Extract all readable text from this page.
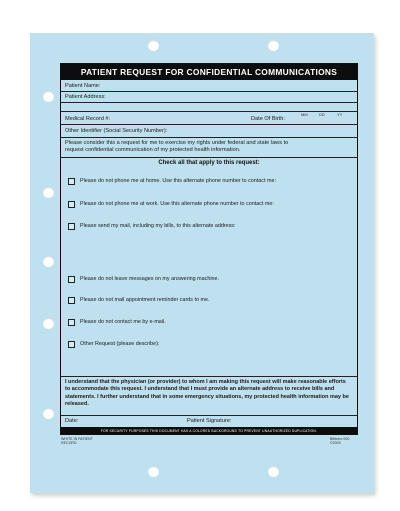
PATIENT REQUEST FOR CONFIDENTIAL COMMUNICATIONS
Patient Name:
Patient Address:
MM	DD	YY
Medical Record #:	Date Of Birth:
Other Identifier (Social Security Number):
Please consider this a request for me to exercise my rights under federal and state laws to request confidential communication of my protected health information.
Check all that apply to this request:
Please do not phone me at home. Use this alternate phone number to contact me:
Please do not phone me at work. Use this alternate phone number to contact me:
Please send my mail, including my bills, to this alternate address:
Please do not leave messages on my answering machine.
Please do not mail appointment reminder cards to me.
Please do not contact me by e-mail.
Other Request (please describe):
I understand that the physician (or provider) to whom I am making this request will make reasonable efforts to accommodate this request. I understand that I must provide an alternate address to receive bills and statements. I further understand that in some emergency situations, my protected health information may be released.
Date:	Patient Signature:
FOR SECURITY PURPOSES THIS DOCUMENT HAS A COLORED BACKGROUND TO PREVENT UNAUTHORIZED DUPLICATION.
WHITE IN PATIENT
RECORD
Bibbero 000
©2003
